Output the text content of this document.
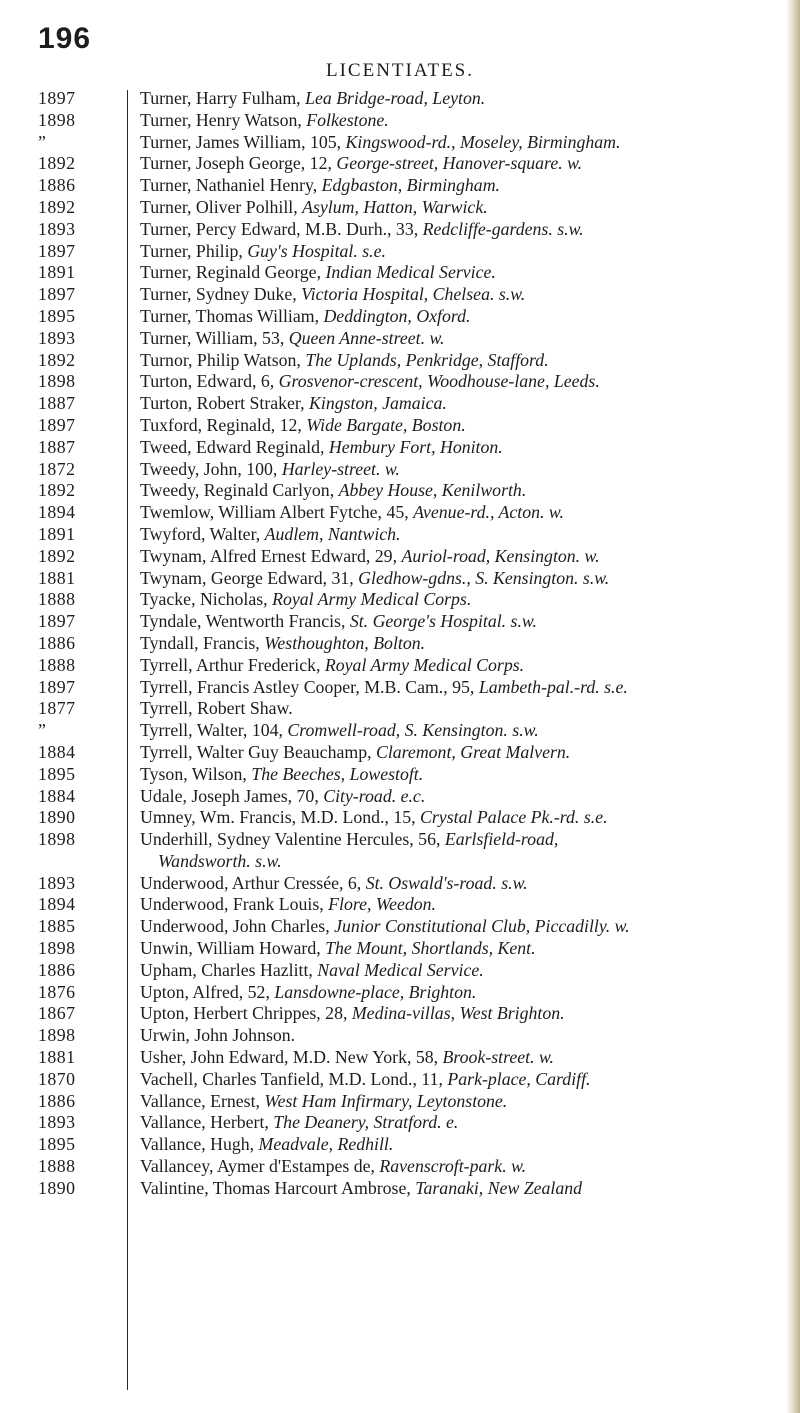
196
LICENTIATES.
1897	Turner, Harry Fulham, Lea Bridge-road, Leyton.
1898	Turner, Henry Watson, Folkestone.
”	Turner, James William, 105, Kingswood-rd., Moseley, Birmingham.
1892	Turner, Joseph George, 12, George-street, Hanover-square. w.
1886	Turner, Nathaniel Henry, Edgbaston, Birmingham.
1892	Turner, Oliver Polhill, Asylum, Hatton, Warwick.
1893	Turner, Percy Edward, M.B. Durh., 33, Redcliffe-gardens. s.w.
1897	Turner, Philip, Guy's Hospital. s.e.
1891	Turner, Reginald George, Indian Medical Service.
1897	Turner, Sydney Duke, Victoria Hospital, Chelsea. s.w.
1895	Turner, Thomas William, Deddington, Oxford.
1893	Turner, William, 53, Queen Anne-street. w.
1892	Turnor, Philip Watson, The Uplands, Penkridge, Stafford.
1898	Turton, Edward, 6, Grosvenor-crescent, Woodhouse-lane, Leeds.
1887	Turton, Robert Straker, Kingston, Jamaica.
1897	Tuxford, Reginald, 12, Wide Bargate, Boston.
1887	Tweed, Edward Reginald, Hembury Fort, Honiton.
1872	Tweedy, John, 100, Harley-street. w.
1892	Tweedy, Reginald Carlyon, Abbey House, Kenilworth.
1894	Twemlow, William Albert Fytche, 45, Avenue-rd., Acton. w.
1891	Twyford, Walter, Audlem, Nantwich.
1892	Twynam, Alfred Ernest Edward, 29, Auriol-road, Kensington. w.
1881	Twynam, George Edward, 31, Gledhow-gdns., S. Kensington. s.w.
1888	Tyacke, Nicholas, Royal Army Medical Corps.
1897	Tyndale, Wentworth Francis, St. George's Hospital. s.w.
1886	Tyndall, Francis, Westhoughton, Bolton.
1888	Tyrrell, Arthur Frederick, Royal Army Medical Corps.
1897	Tyrrell, Francis Astley Cooper, M.B. Cam., 95, Lambeth-pal.-rd. s.e.
1877	Tyrrell, Robert Shaw.
”	Tyrrell, Walter, 104, Cromwell-road, S. Kensington. s.w.
1884	Tyrrell, Walter Guy Beauchamp, Claremont, Great Malvern.
1895	Tyson, Wilson, The Beeches, Lowestoft.
1884	Udale, Joseph James, 70, City-road. e.c.
1890	Umney, Wm. Francis, M.D. Lond., 15, Crystal Palace Pk.-rd. s.e.
1898	Underhill, Sydney Valentine Hercules, 56, Earlsfield-road,
Wandsworth. s.w.
1893	Underwood, Arthur Cressée, 6, St. Oswald's-road. s.w.
1894	Underwood, Frank Louis, Flore, Weedon.
1885	Underwood, John Charles, Junior Constitutional Club, Piccadilly. w.
1898	Unwin, William Howard, The Mount, Shortlands, Kent.
1886	Upham, Charles Hazlitt, Naval Medical Service.
1876	Upton, Alfred, 52, Lansdowne-place, Brighton.
1867	Upton, Herbert Chrippes, 28, Medina-villas, West Brighton.
1898	Urwin, John Johnson.
1881	Usher, John Edward, M.D. New York, 58, Brook-street. w.
1870	Vachell, Charles Tanfield, M.D. Lond., 11, Park-place, Cardiff.
1886	Vallance, Ernest, West Ham Infirmary, Leytonstone.
1893	Vallance, Herbert, The Deanery, Stratford. e.
1895	Vallance, Hugh, Meadvale, Redhill.
1888	Vallancey, Aymer d'Estampes de, Ravenscroft-park. w.
1890	Valintine, Thomas Harcourt Ambrose, Taranaki, New Zealand
